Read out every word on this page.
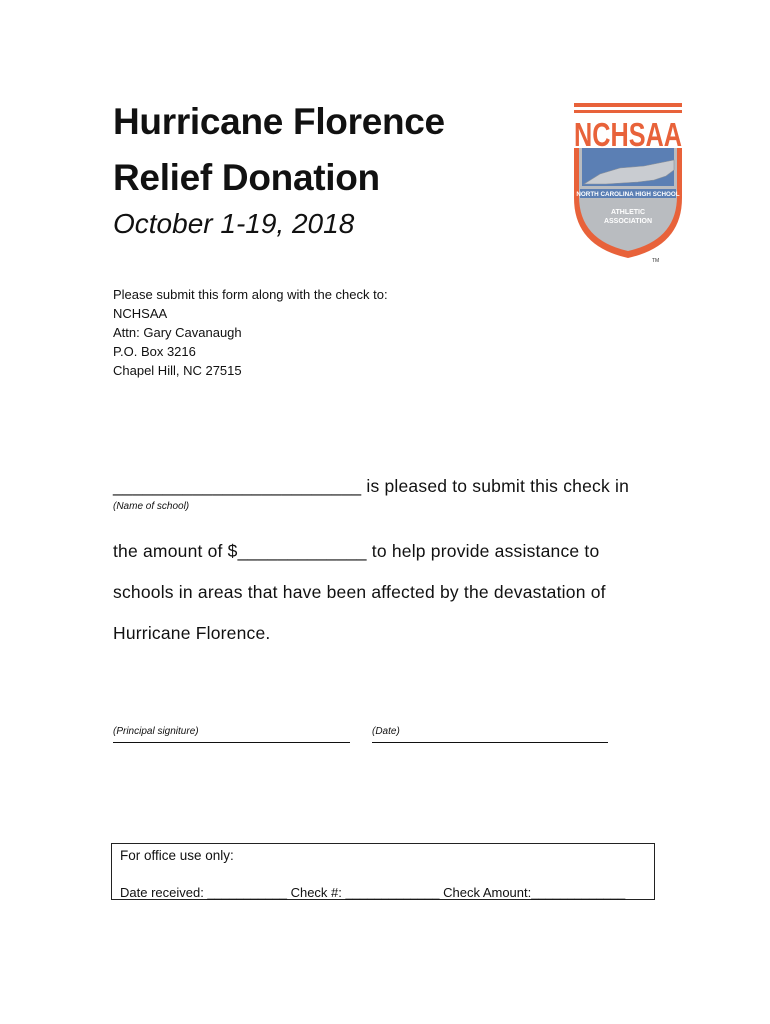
Hurricane Florence
Relief Donation
October 1-19, 2018
NORTH CAROLINA HIGH SCHOOL
ATHLETIC
ASSOCIATION
NCHSAA
TM
Please submit this form along with the check to:
NCHSAA
Attn: Gary Cavanaugh
P.O. Box 3216
Chapel Hill, NC 27515
_________________________ is pleased to submit this check in
(Name of school)
the amount of $_____________ to help provide assistance to
schools in areas that have been affected by the devastation of
Hurricane Florence.
(Principal signiture)	(Date)
For office use only:
Date received: ___________ Check #: _____________ Check Amount:_____________
